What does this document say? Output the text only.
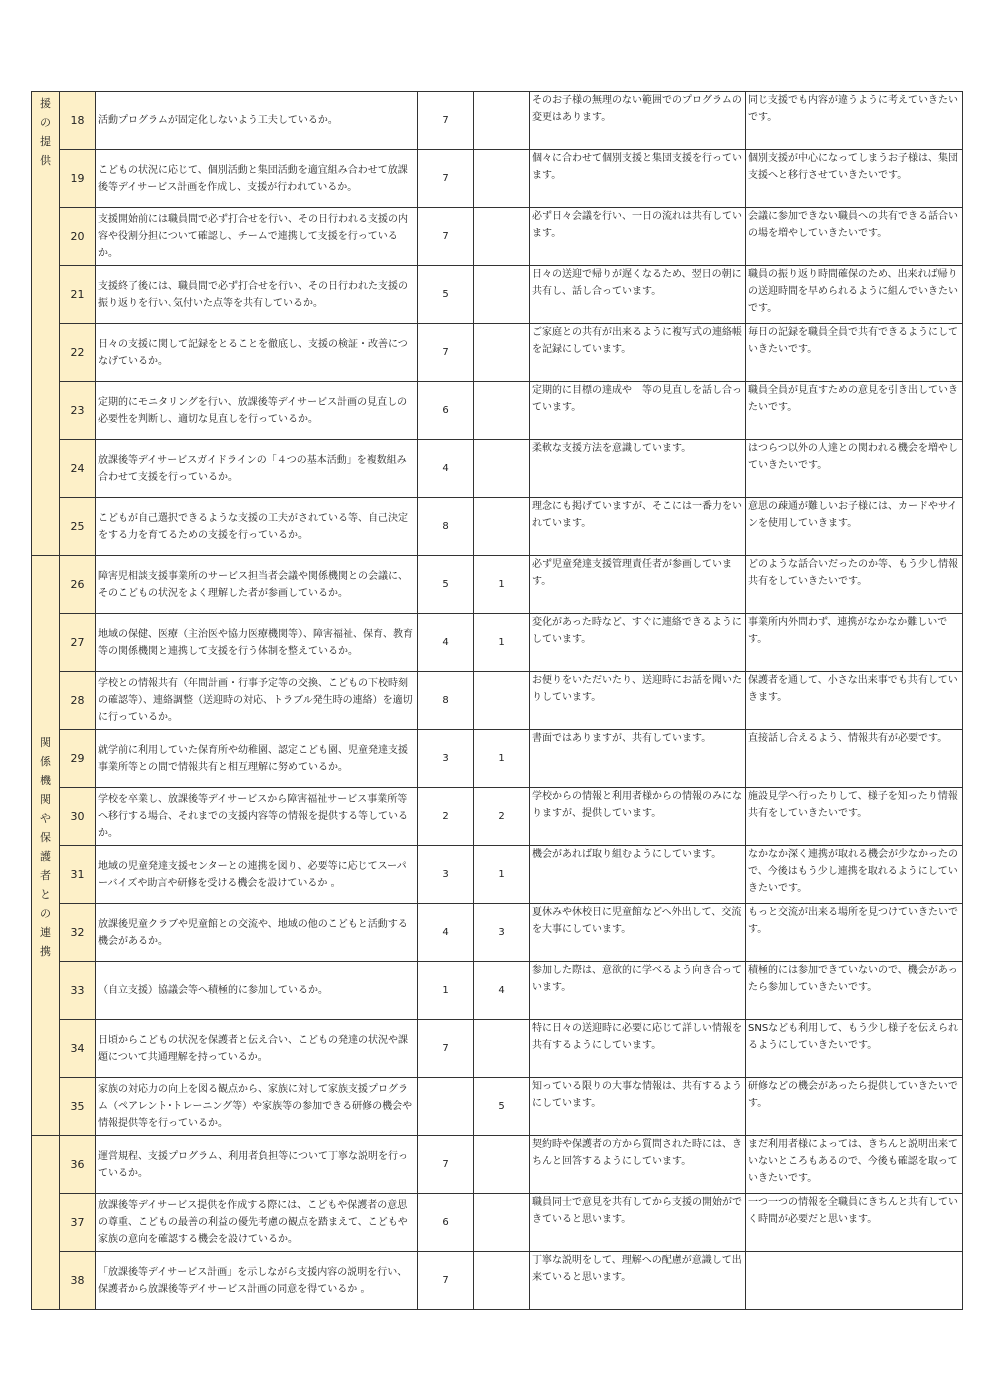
援の提供	18	活動プログラムが固定化しないよう工夫しているか。	7		そのお子様の無理のない範囲でのプログラムの変更はあります。	同じ支援でも内容が違うように考えていきたいです。
	19	こどもの状況に応じて、個別活動と集団活動を適宜組み合わせて放課後等デイサービス計画を作成し、支援が行われているか。	7		個々に合わせて個別支援と集団支援を行っています。	個別支援が中心になってしまうお子様は、集団支援へと移行させていきたいです。
	20	支援開始前には職員間で必ず打合せを行い、その日行われる支援の内容や役割分担について確認し、チームで連携して支援を行っているか。	7		必ず日々会議を行い、一日の流れは共有しています。	会議に参加できない職員への共有できる話合いの場を増やしていきたいです。
	21	支援終了後には、職員間で必ず打合せを行い、その日行われた支援の振り返りを行い､気付いた点等を共有しているか。	5		日々の送迎で帰りが遅くなるため、翌日の朝に共有し、話し合っています。	職員の振り返り時間確保のため、出来れば帰りの送迎時間を早められるように組んでいきたいです。
	22	日々の支援に関して記録をとることを徹底し、支援の検証・改善につなげているか。	7		ご家庭との共有が出来るように複写式の連絡帳を記録にしています。	毎日の記録を職員全員で共有できるようにしていきたいです。
	23	定期的にモニタリングを行い、放課後等デイサービス計画の見直しの必要性を判断し、適切な見直しを行っているか。	6		定期的に目標の達成や　等の見直しを話し合っています。	職員全員が見直すための意見を引き出していきたいです。
	24	放課後等デイサービスガイドラインの「４つの基本活動」を複数組み合わせて支援を行っているか。	4		柔軟な支援方法を意識しています。	はつらつ以外の人達との関われる機会を増やしていきたいです。
	25	こどもが自己選択できるような支援の工夫がされている等、自己決定をする力を育てるための支援を行っているか。	8		理念にも掲げていますが、そこには一番力をいれています。	意思の疎通が難しいお子様には、カードやサインを使用していきます。
関係機関や保護者との連携	26	障害児相談支援事業所のサービス担当者会議や関係機関との会議に、そのこどもの状況をよく理解した者が参画しているか。	5	1	必ず児童発達支援管理責任者が参画しています。	どのような話合いだったのか等、もう少し情報共有をしていきたいです。
	27	地域の保健、医療（主治医や協力医療機関等）、障害福祉、保育、教育等の関係機関と連携して支援を行う体制を整えているか。	4	1	変化があった時など、すぐに連絡できるようにしています。	事業所内外問わず、連携がなかなか難しいです。
	28	学校との情報共有（年間計画・行事予定等の交換、こどもの下校時刻の確認等）、連絡調整（送迎時の対応、トラブル発生時の連絡）を適切に行っているか。	8		お便りをいただいたり、送迎時にお話を聞いたりしています。	保護者を通して、小さな出来事でも共有していきます。
	29	就学前に利用していた保育所や幼稚園、認定こども園、児童発達支援事業所等との間で情報共有と相互理解に努めているか。	3	1	書面ではありますが、共有しています。	直接話し合えるよう、情報共有が必要です。
	30	学校を卒業し、放課後等デイサービスから障害福祉サービス事業所等へ移行する場合、それまでの支援内容等の情報を提供する等しているか。	2	2	学校からの情報と利用者様からの情報のみになりますが、提供しています。	施設見学へ行ったりして、様子を知ったり情報共有をしていきたいです。
	31	地域の児童発達支援センターとの連携を図り、必要等に応じてスーパーバイズや助言や研修を受ける機会を設けているか 。	3	1	機会があれば取り組むようにしています。	なかなか深く連携が取れる機会が少なかったので、今後はもう少し連携を取れるようにしていきたいです。
	32	放課後児童クラブや児童館との交流や、地域の他のこどもと活動する機会があるか。	4	3	夏休みや休校日に児童館などへ外出して、交流を大事にしています。	もっと交流が出来る場所を見つけていきたいです。
	33	（自立支援）協議会等へ積極的に参加しているか。	1	4	参加した際は、意欲的に学べるよう向き合っています。	積極的には参加できていないので、機会があったら参加していきたいです。
	34	日頃からこどもの状況を保護者と伝え合い、こどもの発達の状況や課題について共通理解を持っているか。	7		特に日々の送迎時に必要に応じて詳しい情報を共有するようにしています。	SNSなども利用して、もう少し様子を伝えられるようにしていきたいです。
	35	家族の対応力の向上を図る観点から、家族に対して家族支援プログラム（ペアレント･トレーニング等）や家族等の参加できる研修の機会や情報提供等を行っているか。		5	知っている限りの大事な情報は、共有するようにしています。	研修などの機会があったら提供していきたいです。
	36	運営規程、支援プログラム、利用者負担等について丁寧な説明を行っているか。	7		契約時や保護者の方から質問された時には、きちんと回答するようにしています。	まだ利用者様によっては、きちんと説明出来ていないところもあるので、今後も確認を取っていきたいです。
	37	放課後等デイサービス提供を作成する際には、こどもや保護者の意思の尊重、こどもの最善の利益の優先考慮の観点を踏まえて、こどもや家族の意向を確認する機会を設けているか。	6		職員同士で意見を共有してから支援の開始ができていると思います。	一つ一つの情報を全職員にきちんと共有していく時間が必要だと思います。
	38	「放課後等デイサービス計画」を示しながら支援内容の説明を行い、保護者から放課後等デイサービス計画の同意を得ているか 。	7		丁寧な説明をして、理解への配慮が意識して出来ていると思います。	
